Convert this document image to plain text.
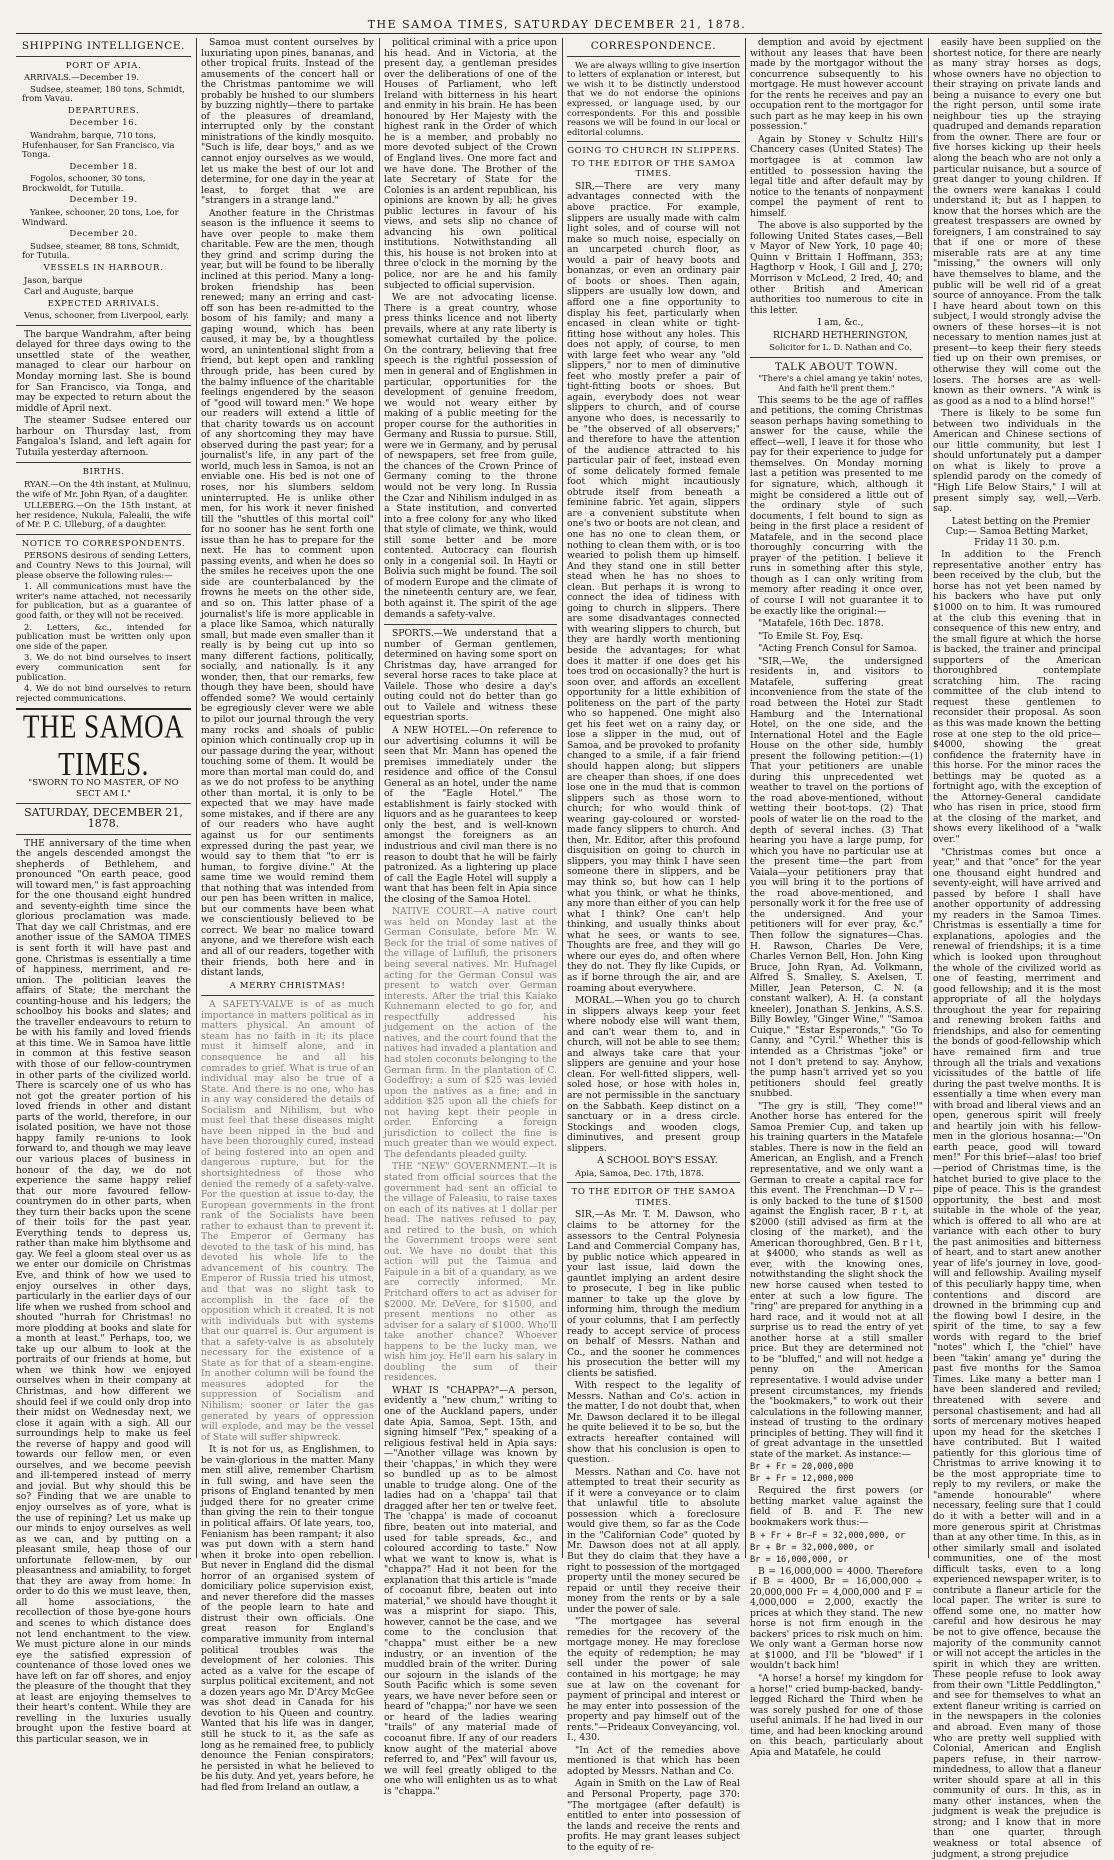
THE SAMOA TIMES, SATURDAY DECEMBER 21, 1878.
SHIPPING INTELLIGENCE.
PORT OF APIA.

ARRIVALS.—December 19.

Sudsee, steamer, 180 tons, Schmidt, from Vavau.

DEPARTURES.
December 16.

Wandrahm, barque, 710 tons, Hufenhauser, for San Francisco, via Tonga.

December 18.

Fogolos, schooner, 30 tons, Brockwoldt, for Tutuila.

December 19.

Yankee, schooner, 20 tons, Loe, for Windward.

December 20.

Sudsee, steamer, 88 tons, Schmidt, for Tutuila.

VESSELS IN HARBOUR.

Jason, barque

Carl and Auguste, barque

EXPECTED ARRIVALS.

Venus, schooner, from Liverpool, early.

The barque Wandrahm, after being delayed for three days owing to the unsettled state of the weather, managed to clear our harbour on Monday morning last. She is bound for San Francisco, via Tonga, and may be expected to return about the middle of April next.

The steamer Sudsee entered our harbour on Thursday last, from Fangaloa's Island, and left again for Tutuila yesterday afternoon.

BIRTHS.

RYAN.—On the 4th instant, at Mulinuu, the wife of Mr. John Ryan, of a daughter.

ULLEBERG.—On the 15th instant, at her residence, Nukula, Falealii, the wife of Mr. P. C. Ulleburg, of a daughter.

NOTICE TO CORRESPONDENTS.

PERSONS desirous of sending Letters, and Country News to this Journal, will please observe the following rules:—

1. All communications must have the writer's name attached, not necessarily for publication, but as a guarantee of good faith, or they will not be received.

2. Letters, &c., intended for publication must be written only upon one side of the paper.

3. We do not bind ourselves to insert every communication sent for publication.

4. We do not bind ourselves to return rejected communications.

THE SAMOA TIMES.
"SWORN TO NO MASTER, OF NO SECT AM I."
SATURDAY, DECEMBER 21, 1878.

THE anniversary of the time when the angels descended amongst the shepherds of Bethlehem, and pronounced "On earth peace, good will toward men," is fast approaching for the one thousand eight hundred and seventy-eighth time since the glorious proclamation was made. That day we call Christmas, and ere another issue of the SAMOA TIMES is sent forth it will have past and gone. Christmas is essentially a time of happiness, merriment, and re-union. The politician leaves the affairs of State; the merchant the counting-house and his ledgers; the schoolboy his books and slates; and the traveller endeavours to return to be with his family and loved friends at this time. We in Samoa have little in common at this festive season with those of our fellow-countrymen in other parts of the civilized world. There is scarcely one of us who has not got the greater portion of his loved friends in other and distant parts of the world, therefore, in our isolated position, we have not those happy family re-unions to look forward to, and though we may leave our various places of business in honour of the day, we do not experience the same happy relief that our more favoured fellow-countrymen do in other parts, when they turn their backs upon the scene of their toils for the past year. Everything tends to depress us, rather than make him blythsome and gay. We feel a gloom steal over us as we enter our domicile on Christmas Eve, and think of how we used to enjoy ourselves in other days, particularly in the earlier days of our life when we rushed from school and shouted "hurrah for Christmas! no more plodding at books and slate for a month at least." Perhaps, too, we take up our album to look at the portraits of our friends at home, but when we think how we enjoyed ourselves when in their company at Christmas, and how different we should feel if we could only drop into their midst on Wednesday next, we close it again with a sigh. All our surroundings help to make us feel the reverse of happy and good will towards our fellow men, or even ourselves, and we become peevish and ill-tempered instead of merry and jovial. But why should this be so? Finding that we are unable to enjoy ourselves as of yore, what is the use of repining? Let us make up our minds to enjoy ourselves as well as we can, and by putting on a pleasant smile, heap those of our unfortunate fellow-men, by our pleasantness and amiability, to forget that they are away from home. In order to do this we must leave, then, all home associations, the recollection of those bye-gone hours and scenes to which distance does not lend enchantment to the view. We must picture alone in our minds eye the satisfied expression of countenance of those loved ones we have left on far off shores, and enjoy the pleasure of the thought that they at least are enjoying themselves to their heart's content. While they are revelling in the luxuries usually brought upon the festive board at this particular season, we in

Samoa must content ourselves by luxuriating upon pines, bananas, and other tropical fruits. Instead of the amusements of the concert hall or the Christmas pantomime we will probably be hushed to our slumbers by buzzing nightly—there to partake of the pleasures of dreamland, interrupted only by the constant ministrations of the kindly mosquito. "Such is life, dear boys," and as we cannot enjoy ourselves as we would, let us make the best of our lot and determine, for one day in the year at least, to forget that we are "strangers in a strange land."

Another feature in the Christmas season is the influence it seems to have over people to make them charitable. Few are the men, though they grind and scrimp during the year, but will be found to be liberally inclined at this period. Many a long-broken friendship has been renewed; many an erring and cast-off son has been re-admitted to the bosom of his family; and many a gaping wound, which has been caused, it may be, by a thoughtless word, an unintentional slight from a friend, but kept open and rankling through pride, has been cured by the balmy influence of the charitable feelings engendered by the season of "good will toward men." We hope our readers will extend a little of that charity towards us on account of any shortcoming they may have observed during the past year; for a journalist's life, in any part of the world, much less in Samoa, is not an enviable one. His bed is not one of roses, nor his slumbers seldom uninterrupted. He is unlike other men, for his work it never finished till the "shuttles of this mortal coil" for no sooner has he sent forth one issue than he has to prepare for the next. He has to comment upon passing events, and when he does so the smiles he receives upon the one side are counterbalanced by the frowns he meets on the other side, and so on. This latter phase of a journalist's life is more applicable in a place like Samoa, which naturally small, but made even smaller than it really is by being cut up into so many different factions, politically, socially, and nationally. Is it any wonder, then, that our remarks, few though they have been, should have offended some? We would certainly be egregiously clever were we able to pilot our journal through the very many rocks and shoals of public opinion which continually crop up in our passage during the year, without touching some of them. It would be more than mortal man could do, and as we do not profess to be anything other than mortal, it is only to be expected that we may have made some mistakes, and if there are any of our readers who have aught against us for our sentiments expressed during the past year, we would say to them that "to err is human, to forgive divine." At the same time we would remind them that nothing that was intended from our pen has been written in malice, but our comments have been what we conscientiously believed to be correct. We bear no malice toward anyone, and we therefore wish each and all of our readers, together with their friends, both here and in distant lands,

A MERRY CHRISTMAS!

A SAFETY-VALVE is of as much importance in matters political as in matters physical. An amount of steam has no faith in it; its place must it himself alone, and in consequence he and all his comrades to grief. What is true of an individual may also be true of a State. And there is no one, who has in any way considered the details of Socialism and Nihilism, but who must feel that these diseases might have been nipped in the bud and have been thoroughly cured, instead of being fostered into an open and dangerous rupture, but for the shortsightedness of those who denied the remedy of a safety-valve. For the question at issue to-day, the European governments in the front rank of the Socialists have been rather to exhaust than to prevent it. The Emperor of Germany has devoted to the task of his mind, has devoted his whole life to the advancement of his country. The Emperor of Russia tried his utmost, and that was no slight task to accomplish in the face of the opposition which it created. It is not with individuals but with systems that our quarrel is. Our argument is that a safety-valve is as absolutely necessary for the existence of a State as for that of a steam-engine. In another column will be found the measures adopted for the suppression of Socialism and Nihilism; sooner or later the gas generated by years of oppression will explode, and may be the vessel of State will suffer shipwreck.

It is not for us, as Englishmen, to be vain-glorious in the matter. Many men still alive, remember Chartism in full swing, and have seen the prisons of England tenanted by men judged there for no greater crime than giving the rein to their tongue in political affairs. Of late years, too, Fenianism has been rampant; it also was put down with a stern hand when it broke into open rebellion. But never in England did the dismal horror of an organised system of domiciliary police supervision exist, and never therefore did the masses of the people learn to hate and distrust their own officials. One great reason for England's comparative immunity from internal political troubles was the development of her colonies. This acted as a valve for the escape of surplus political excitement, and not a dozen years ago Mr. D'Arcy McGee was shot dead in Canada for his devotion to his Queen and country. Wanted that his life was in danger, still he stuck to it, as the safe as long as he remained free, to publicly denounce the Fenian conspirators; he persisted in what he believed to be his duty. And yet, years before, he had fled from Ireland an outlaw, a

political criminal with a price upon his head. And in Victoria, at the present day, a gentleman presides over the deliberations of one of the Houses of Parliament, who left Ireland with bitterness in his heart and enmity in his brain. He has been honoured by Her Majesty with the highest rank in the Order of which he is a member, and probably no more devoted subject of the Crown of England lives. One more fact and we have done. The Brother of the late Secretary of State for the Colonies is an ardent republican, his opinions are known by all; he gives public lectures in favour of his views, and sets slip no chance of advancing his own political institutions. Notwithstanding all this, his house is not broken into at three o'clock in the morning by the police, nor are he and his family subjected to official supervision.

We are not advocating license. There is a great country, whose press thinks licence and not liberty prevails, where at any rate liberty is somewhat curtailed by the police. On the contrary, believing that free speech is the rightful possession of men in general and of Englishmen in particular, opportunities for the development of genuine freedom, we would not weary either by making of a public meeting for the proper course for the authorities in Germany and Russia to pursue. Still, were we in Germany, and by perusal of newspapers, set free from guile, the chances of the Crown Prince of Germany coming to the throne would not be very long. In Russia the Czar and Nihilism indulged in as a State institution, and converted into a free colony for any who liked that style of climate, we think, would still some better and be more contented. Autocracy can flourish only in a congenial soil. In Hayti or Bolivia such might be found. The soil of modern Europe and the climate of the nineteenth century are, we fear, both against it. The spirit of the age demands a safety-valve.

SPORTS.—We understand that a number of German gentlemen, determined on having some sport on Christmas day, have arranged for several horse races to take place at Vailele. Those who desire a day's outing could not do better than go out to Vailele and witness these equestrian sports.

A NEW HOTEL.—On reference to our advertising columns it will be seen that Mr. Mann has opened the premises immediately under the residence and office of the Consul General as an hotel, under the name of the "Eagle Hotel." The establishment is fairly stocked with liquors and as he guarantees to keep only the best, and is well-known amongst the foreigners as an industrious and civil man there is no reason to doubt that he will be fairly patronized. As a lightering up place of call the Eagle Hotel will supply a want that has been felt in Apia since the closing of the Samoa Hotel.

NATIVE COURT.—A native court was held on Monday last at the German Consulate, before Mr. W. Beck for the trial of some natives of the village of Lufilufi, the prisoners being several natives. Mr. Hufnagel acting for the German Consul was present to watch over German interests. After the trial this Kaiako Kuhnemann elected to go for, and respectfully addressed his judgement on the action of the natives, and the court found that the natives had invaded a plantation and had stolen coconuts belonging to the German firm. In the plantation of C. Godeffroy; a sum of $25 was levied upon the natives as a fine; and in addition $25 upon all the chiefs for not having kept their people in order. Enforcing a foreign jurisdiction to collect the fine is much greater than we would expect. The defendants pleaded guilty.

THE "NEW" GOVERNMENT.—It is stated from official sources that the government had sent an official to the village of Faleasiu, to raise taxes on each of its natives at 1 dollar per head. The natives refused to pay, and retired to the bush, on which the Government troops were sent out. We have no doubt that this action will put the Taimua and Faipule in a bit of a quandary, as we are correctly informed, Mr. Pritchard offers to act as adviser for $2000. Mr. DeVere, for $1500, and present mentions no other as adviser for a salary of $1000. Who'll take another chance? Whoever happens to be the lucky man, we wish him joy. He'll earn his salary in doubling the sum of their residences.

WHAT IS "CHAPPA?"—A person, evidently a "new chum," writing to one of the Auckland papers, under date Apia, Samoa, Sept. 15th, and signing himself "Pex," speaking of a religious festival held in Apia says:—"Another village was known by their 'chappas,' in which they were so bundled up as to be almost unable to trudge along. One of the ladies had on a 'chappa' tail that dragged after her ten or twelve feet. The 'chappa' is made of cocoanut fibre, beaten out into material, and used for table spreads, &c., and coloured according to taste." Now what we want to know is, what is "chappa?" Had it not been for the explanation that this article is "made of cocoanut fibre, beaten out into material," we should have thought it was a misprint for siapo. This, however, cannot be the case, and we come to the conclusion that "chappa" must either be a new industry, or an invention of the muddled brain of the writer. During our sojourn in the islands of the South Pacific which is some seven years, we have never before seen or heard of "chappa;" nor have we seen or heard of the ladies wearing "trails" of any material made of cocoanut fibre. If any of our readers know aught of the material above referred to, and "Pex" will favour us, we will feel greatly obliged to the one who will enlighten us as to what is "chappa."

CORRESPONDENCE.

We are always willing to give insertion to letters of explanation or interest, but we wish it to be distinctly understood that we do not endorse the opinions expressed, or language used, by our correspondents. For this and possible reasons we will be found in our local or editorial columns.

GOING TO CHURCH IN SLIPPERS.
TO THE EDITOR OF THE SAMOA TIMES.

SIR,—There are very many advantages connected with the above practice. For example, slippers are usually made with calm light soles, and of course will not make so much noise, especially on an uncarpeted church floor, as would a pair of heavy boots and bonanzas, or even an ordinary pair of boots or shoes. Then again, slippers are usually low down, and afford one a fine opportunity to display his feet, particularly when encased in clean white or tight-fitting hose without any holes. This does not apply, of course, to men with large feet who wear any "old slippers," nor to men of diminutive feet who mostly prefer a pair of tight-fitting boots or shoes. But again, everybody does not wear slippers to church, and of course anyone who does, is necessarily to be "the observed of all observers;" and therefore to have the attention of the audience attracted to his particular pair of feet, instead even of some delicately formed female foot which might incautiously obtrude itself from beneath a feminine fabric. Yet again, slippers are a convenient substitute when one's two or boots are not clean, and one has no one to clean them, or nothing to clean them with, or is too wearied to polish them up himself. And they stand one in still better stead when he has no shoes to clean. But perhaps it is wrong to connect the idea of tidiness with going to church in slippers. There are some disadvantages connected with wearing slippers to church, but they are hardly worth mentioning beside the advantages; for what does it matter if one does get his toes trod on occasionally? the hurt is soon over, and affords an excellent opportunity for a little exhibition of politeness on the part of the party who so happened. One might also get his feet wet on a rainy day, or lose a slipper in the mud, out of Samoa, and be provoked to profanity changed to a smile, if a fair friend should happen along; but slippers are cheaper than shoes, if one does lose one in the mud that is common slippers such as those worn to church; for who would think of wearing gay-coloured or worsted-made fancy slippers to church. And then, Mr. Editor, after this profound disquisition on going to church in slippers, you may think I have seen someone there in slippers, and be may think so, but how can I help what you think, or what he thinks, any more than either of you can help what I think? One can't help thinking, and usually thinks about what he sees, or wants to see. Thoughts are free, and they will go where our eyes do, and often where they do not. They fly like Cupids, or as if borne through the air, and are roaming about everywhere.

MORAL.—When you go to church in slippers always keep your feet where nobody else will want them, and can't wear them to, and in church, will not be able to see them; and always take care that your slippers are genuine and your hose clean. For well-fitted slippers, well-soled hose, or hose with holes in, are not permissible in the sanctuary on the Sabbath. Keep distinct on a sanctuary or in a dress circle. Stockings and wooden clogs, diminutives, and present group slippers.

A SCHOOL BOY'S ESSAY.

Apia, Samoa, Dec. 17th, 1878.

TO THE EDITOR OF THE SAMOA TIMES.

SIR,—As Mr. T. M. Dawson, who claims to be attorney for the assessors to the Central Polynesia Land and Commercial Company has, by public notice which appeared in your last issue, laid down the gauntlet implying an ardent desire to prosecute, I beg in like public manner to take up the glove by informing him, through the medium of your columns, that I am perfectly ready to accept service of process on behalf of Messrs. Nathan and Co., and the sooner he commences his prosecution the better will my clients be satisfied.

With respect to the legality of Messrs. Nathan and Co's. action in the matter, I do not doubt that, when Mr. Dawson declared it to be illegal he quite believed it to be so, but the extracts hereafter contained will show that his conclusion is open to question.

Messrs. Nathan and Co. have not attempted to treat their security as if it were a conveyance or to claim that unlawful title to absolute possession which a foreclosure would give them, so far as the Code in the "Californian Code" quoted by Mr. Dawson does not at all apply. But they do claim that they have a right to possession of the mortgaged property until the money secured be repaid or until they receive their money from the rents or by a sale under the power of sale.

"The mortgagee has several remedies for the recovery of the mortgage money. He may foreclose the equity of redemption; he may sell under the power of sale contained in his mortgage; he may sue at law on the covenant for payment of principal and interest or he may enter into possession of the property and pay himself out of the rents."—Prideaux Conveyancing, vol. I., 430.

"In Act of the remedies above mentioned is that which has been adopted by Messrs. Nathan and Co.

Again in Smith on the Law of Real and Personal Property, page 370: "The mortgagee (after default) is entitled to enter into possession of the lands and receive the rents and profits. He may grant leases subject to the equity of re-

demption and avoid by ejectment without any leases that have been made by the mortgagor without the concurrence subsequently to his mortgage. He must however account for the rents he receives and pay an occupation rent to the mortgagor for such part as he may keep in his own possession."

Again by Stoney v Schultz Hill's Chancery cases (United States) The mortgagee is at common law entitled to possession having the legal title and after default may by notice to the tenants of nonpayment compel the payment of rent to himself.

The above is also supported by the following United States cases,—Bell v Mayor of New York, 10 page 40; Quinn v Brittain I Hoffmann, 353; Hagthorp v Hook, I Gill and J, 270; Morrison v McLeod, 2 Ired, 40; and other British and American authorities too numerous to cite in this letter.

I am, &c.,

RICHARD HETHERINGTON,

Solicitor for L. D. Nathan and Co.

TALK ABOUT TOWN.

"There's a chiel amang ye takin' notes, And faith he'll prent them."

This seems to be the age of raffles and petitions, the coming Christmas season perhaps having something to answer for the cause, while the effect—well, I leave it for those who pay for their experience to judge for themselves. On Monday morning last a petition was presented to me for signature, which, although it might be considered a little out of the ordinary style of such documents, I felt bound to sign as being in the first place a resident of Matafele, and in the second place thoroughly concurring with the prayer of the petition. I believe it runs in something after this style, though as I can only writing from memory after reading it once over, of course I will not guarantee it to be exactly like the original:—

"Matafele, 16th Dec. 1878.

"To Emile St. Foy, Esq.

"Acting French Consul for Samoa.

"SIR,—We, the undersigned residents in, and visitors to Matafele, suffering great inconvenience from the state of the road between the Hotel zur Stadt Hamburg and the International Hotel, on the one side, and the International Hotel and the Eagle House on the other side, humbly present the following petition:—(1) That your petitioners are unable during this unprecedented wet weather to travel on the portions of the road above-mentioned, without wetting their boot-tops. (2) That pools of water lie on the road to the depth of several inches. (3) That hearing you have a large pump, for which you have no particular use at the present time—the part from Vaiala—your petitioners pray that you will bring it to the portions of the road above-mentioned, and personally work it for the free use of the undersigned. And your petitioners will for ever pray, &c." Then follow the signatures—Chas. H. Rawson, Charles De Vere, Charles Vernon Bell, Hon. John King Bruce, John Ryan, Ad. Volkmann, Alfred S. Smalley, S. Axelsen, T. Miller, Jean Peterson, C. N. (a constant walker), A. H. (a constant kneeler), Jonathan S. Jenkins, A.S.S. Billy Bowley, "Ginger Wine," "Samoa Cuique," "Estar Esperonds," "Go To Canny, and "Cyril." Whether this is intended as a Christmas "joke" or not I don't pretend to say. Anyhow, the pump hasn't arrived yet so you petitioners should feel greatly snubbed.

"The gry is still, 'They come!'" Another horse has entered for the Samoa Premier Cup, and taken up his training quarters in the Matafele stables. There is now in the field an American, an English, and a French representative, and we only want a German to create a capital race for this event. The Frenchman—D V r—is only backed to the tune of $1500 against the English racer, B r t, at $2000 (still advised as firm at the closing of the market), and the American thoroughbred, Gen. B r l t, at $4000, who stands as well as ever, with the knowing ones, notwithstanding the slight shock the new horse caused when tested to enter at such a low figure. The "ring" are prepared for anything in a hard race, and it would not at all surprise us to read the entry of yet another horse at a still smaller price. But they are determined not to be "bluffed," and will not hedge a penny on the American representative. I would advise under present circumstances, my friends the "bookmakers," to work out their calculations in the following manner, instead of trusting to the ordinary principles of betting. They will find it of great advantage in the unsettled state of the market. As instance:—

Br + Fr = 20,000,000
Br + Fr = 12,000,000

Required the first powers (or betting market value against the field of B. and F. The new bookmakers work thus:—

B + Fr + Br—F = 32,000,000, or
Br + Br = 32,000,000, or
Br = 16,000,000, or

B = 16,000,000 = 4000. Therefore if B = 4000, Br = 16,000,000 ÷ 20,000,000 Fr = 4,000,000 and F = 4,000,000 = 2,000, exactly the prices at which they stand. The new horse is not firm enough in the backers' prices to risk much on him. We only want a German horse now at $1000, and I'll be "blowed" if I wouldn't back him!

"A horse! a horse! my kingdom for a horse!" cried bump-backed, bandy-legged Richard the Third when he was sorely pushed for one of those useful animals. If he had lived in our time, and had been knocking around on this beach, particularly about Apia and Matafele, he could

easily have been supplied on the shortest notice, for there are nearly as many stray horses as dogs, whose owners have no objection to their straying on private lands and being a nuisance to every one but the right person, until some irate neighbour ties up the straying quadruped and demands reparation from the owner. There are four or five horses kicking up their heels along the beach who are not only a particular nuisance, but a source of great danger to young children. If the owners were kanakas I could understand it; but as I happen to know that the horses which are the greatest trespassers are owned by foreigners, I am constrained to say that if one or more of these miserable rats are at any time "missing," the owners will only have themselves to blame, and the public will be well rid of a great source of annoyance. From the talk I have heard about town on this subject, I would strongly advise the owners of these horses—it is not necessary to mention names just at present—to keep their fiery steeds tied up on their own premises, or otherwise they will come out the losers. The horses are as well-known as their owners. "A wink is as good as a nod to a blind horse!"

There is likely to be some fun between two individuals in the American and Chinese sections of our little community, but lest I should unfortunately put a damper on what is likely to prove a splendid parody on the comedy of "High Life Below Stairs," I will at present simply say, well,—Verb. sap.

Latest betting on the Premier Cup:— Samoa Betting Market, Friday 11 30. p.m.

In addition to the French representative another entry has been received by the club, but the horse has not yet been named by his backers who have put only $1000 on to him. It was rumoured at the club this evening that in consequence of this new entry, and the small figure at which the horse is backed, the trainer and principal supporters of the American thoroughbred contemplate scratching him. The racing committee of the club intend to request these gentlemen to reconsider their proposal. As soon as this was made known the betting rose at one step to the old price—$4000, showing the great confidence the fraternity have in this horse. For the minor races the bettings may be quoted as a fortnight ago, with the exception of the Attorney-General candidate who has risen in price, stood firm at the closing of the market, and shows every likelihood of a "walk over."

"Christmas comes but once a year," and that "once" for the year one thousand eight hundred and seventy-eight, will have arrived and passed by before I shall have another opportunity of addressing my readers in the Samoa Times. Christmas is essentially a time for explanations, apologies and the renewal of friendships; it is a time which is looked upon throughout the whole of the civilized world as one of feasting, merriment and good fellowship; and it is the most appropriate of all the holydays throughout the year for repairing and renewing broken faiths and friendships, and also for cementing the bonds of good-fellowship which have remained firm and true through all the trials and vexations vicissitudes of the battle of life during the past twelve months. It is essentially a time when every man with broad and liberal views and an open, generous spirit will freely and heartily join with his fellow-men in the glorious hosanna:—"On earth peace, good will toward men!" For this brief—alas! too brief—period of Christmas time, is the hatchet buried to give place to the pipe of peace. This is the grandest opportunity, the best and most suitable in the whole of the year, which is offered to all who are at variance with each other to bury the past animosities and bitterness of heart, and to start anew another year of life's journey in love, good-will and fellowship. Availing myself of this peculiarly happy time, when contentions and discord are drowned in the brimming cup and the flowing bowl I desire, in the spirit of the time, to say a few words with regard to the brief "notes" which I, the "chiel" have been "takin' amang ye" during the past five months for the Samoa Times. Like many a better man I have been slandered and reviled; threatened with severe and personal chastisement; and had all sorts of mercenary motives heaped upon my head for the sketches I have contributed. But I waited patiently for this glorious time of Christmas to arrive knowing it to be the most appropriate time to reply to my revilers, or make the "amende honourable" where necessary, feeling sure that I could do it with a better will and in a more generous spirit at Christmas than at any other time. In this, as in other similarly small and isolated communities, one of the most difficult tasks, even to a long experienced newspaper writer, is to contribute a flaneur article for the local paper. The writer is sure to offend some one, no matter how careful and how desirous he may be not to give offence, because the majority of the community cannot or will not accept the articles in the spirit in which they are written. These people refuse to look away from their own "Little Peddlington," and see for themselves to what an extent flaneur writing is carried on in the newspapers in the colonies and abroad. Even many of those who are pretty well supplied with Colonial, American and English papers refuse, in their narrow-mindedness, to allow that a flaneur writer should spare at all in this community of ours. In this, as in many other instances, when the judgment is weak the prejudice is strong; and I know that in more than one quarter, through weakness or total absence of judgment, a strong prejudice
